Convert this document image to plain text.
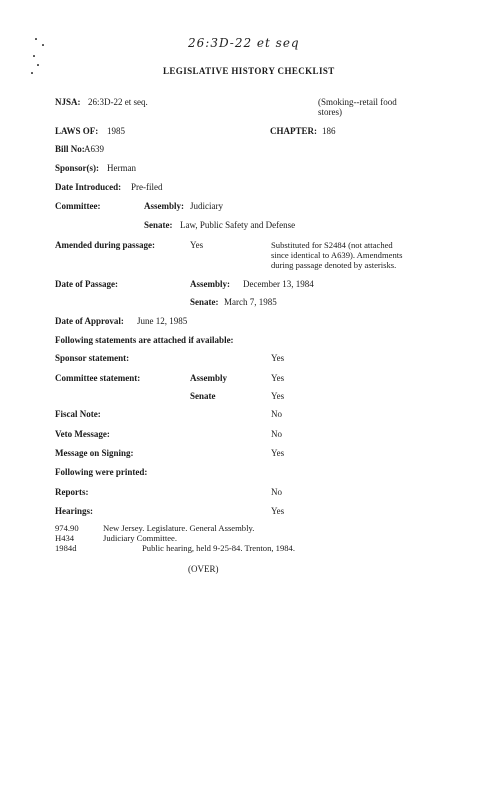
26:3D-22 et seq
LEGISLATIVE HISTORY CHECKLIST
NJSA: 26:3D-22 et seq.	(Smoking--retail food
stores)
LAWS OF: 1985	CHAPTER: 186
Bill No: A639
Sponsor(s): Herman
Date Introduced: Pre-filed
Committee:	Assembly: Judiciary
Senate: Law, Public Safety and Defense
Amended during passage:	Yes	Substituted for S2484 (not attached
since identical to A639). Amendments
during passage denoted by asterisks.
Date of Passage:	Assembly: December 13, 1984
Senate: March 7, 1985
Date of Approval: June 12, 1985
Following statements are attached if available:
Sponsor statement:	Yes
Committee statement:	Assembly	Yes
Senate	Yes
Fiscal Note:	No
Veto Message:	No
Message on Signing:	Yes
Following were printed:
Reports:	No
Hearings:	Yes
974.90	New Jersey. Legislature. General Assembly.
H434	Judiciary Committee.
1984d	Public hearing, held 9-25-84. Trenton, 1984.
(OVER)
